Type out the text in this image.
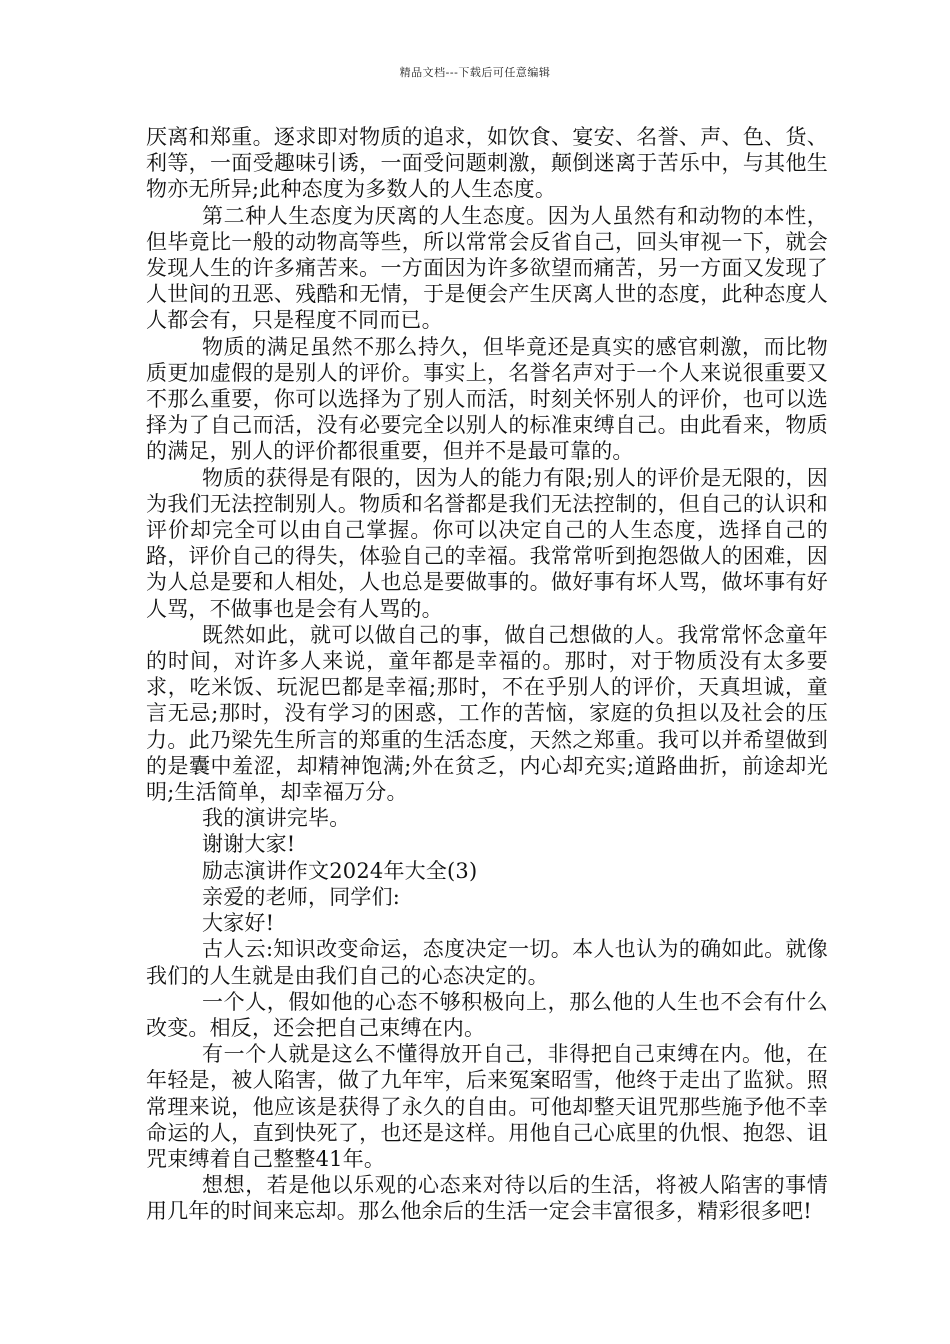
精品文档---下载后可任意编辑

厌离和郑重。逐求即对物质的追求，如饮食、宴安、名誉、声、色、货、利等，一面受趣味引诱，一面受问题刺激，颠倒迷离于苦乐中，与其他生物亦无所异;此种态度为多数人的人生态度。

第二种人生态度为厌离的人生态度。因为人虽然有和动物的本性，但毕竟比一般的动物高等些，所以常常会反省自己，回头审视一下，就会发现人生的许多痛苦来。一方面因为许多欲望而痛苦，另一方面又发现了人世间的丑恶、残酷和无情，于是便会产生厌离人世的态度，此种态度人人都会有，只是程度不同而已。

物质的满足虽然不那么持久，但毕竟还是真实的感官刺激，而比物质更加虚假的是别人的评价。事实上，名誉名声对于一个人来说很重要又不那么重要，你可以选择为了别人而活，时刻关怀别人的评价，也可以选择为了自己而活，没有必要完全以别人的标准束缚自己。由此看来，物质的满足，别人的评价都很重要，但并不是最可靠的。

物质的获得是有限的，因为人的能力有限;别人的评价是无限的，因为我们无法控制别人。物质和名誉都是我们无法控制的，但自己的认识和评价却完全可以由自己掌握。你可以决定自己的人生态度，选择自己的路，评价自己的得失，体验自己的幸福。我常常听到抱怨做人的困难，因为人总是要和人相处，人也总是要做事的。做好事有坏人骂，做坏事有好人骂，不做事也是会有人骂的。

既然如此，就可以做自己的事，做自己想做的人。我常常怀念童年的时间，对许多人来说，童年都是幸福的。那时，对于物质没有太多要求，吃米饭、玩泥巴都是幸福;那时，不在乎别人的评价，天真坦诚，童言无忌;那时，没有学习的困惑，工作的苦恼，家庭的负担以及社会的压力。此乃梁先生所言的郑重的生活态度，天然之郑重。我可以并希望做到的是囊中羞涩，却精神饱满;外在贫乏，内心却充实;道路曲折，前途却光明;生活简单，却幸福万分。

我的演讲完毕。

谢谢大家!

励志演讲作文2024年大全(3)

亲爱的老师，同学们:

大家好!

古人云:知识改变命运，态度决定一切。本人也认为的确如此。就像我们的人生就是由我们自己的心态决定的。

一个人，假如他的心态不够积极向上，那么他的人生也不会有什么改变。相反，还会把自己束缚在内。

有一个人就是这么不懂得放开自己，非得把自己束缚在内。他，在年轻是，被人陷害，做了九年牢，后来冤案昭雪，他终于走出了监狱。照常理来说，他应该是获得了永久的自由。可他却整天诅咒那些施予他不幸命运的人，直到快死了，也还是这样。用他自己心底里的仇恨、抱怨、诅咒束缚着自己整整41年。

想想，若是他以乐观的心态来对待以后的生活，将被人陷害的事情用几年的时间来忘却。那么他余后的生活一定会丰富很多，精彩很多吧!
